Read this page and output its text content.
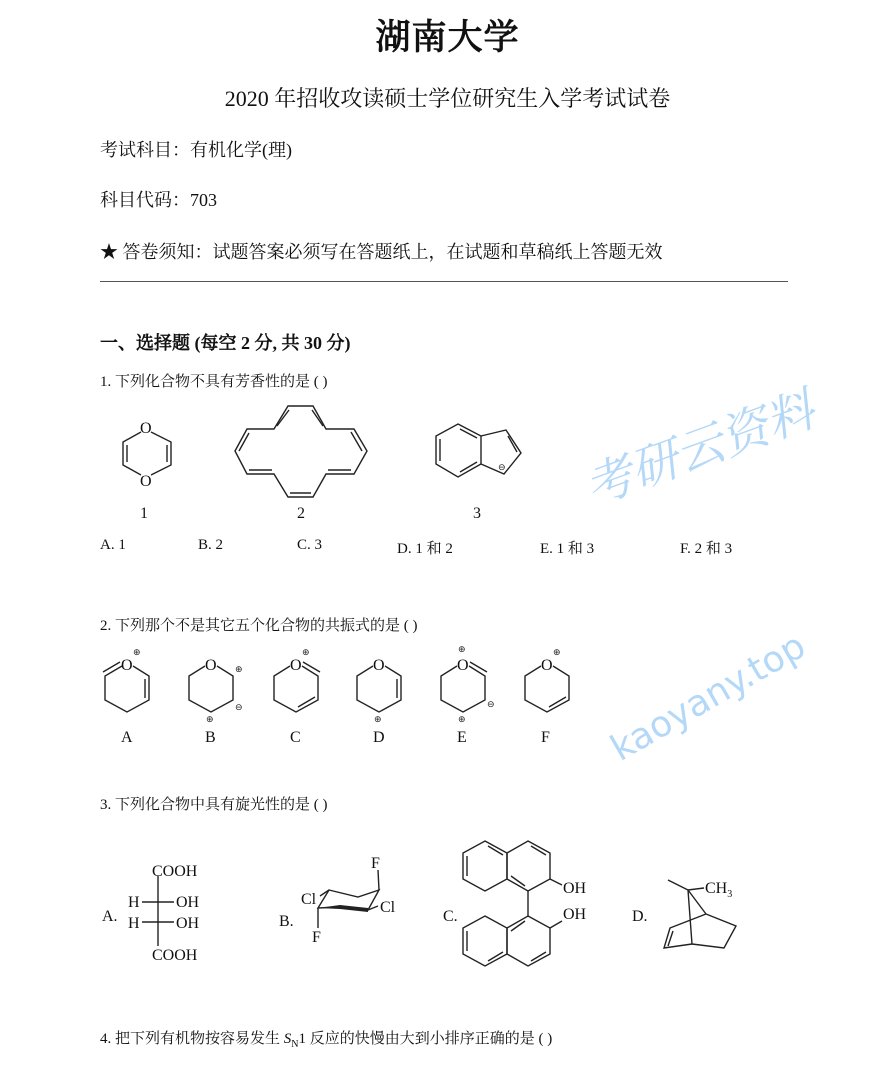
考研云资料
kaoyany.top
湖南大学
2020 年招收攻读硕士学位研究生入学考试试卷
考试科目：有机化学(理)
科目代码：703
★ 答卷须知：试题答案必须写在答题纸上，在试题和草稿纸上答题无效
一、选择题 (每空 2 分, 共 30 分)
1. 下列化合物不具有芳香性的是 ( )
1	2	3
A. 1	B. 2	C. 3	D. 1 和 2	E. 1 和 3	F. 2 和 3
2. 下列那个不是其它五个化合物的共振式的是 ( )
A	B	C	D	E	F
3. 下列化合物中具有旋光性的是 ( )
A.	B.	C.	D.
4. 把下列有机物按容易发生 $S_N1$ 反应的快慢由大到小排序正确的是 ( )
O
O
⊖
O
⊕
O ⊕
⊖
⊕
O
⊕
O
⊕
O
⊕
⊖
⊕
O
⊕
COOH
H OH
H OH
COOH
F
Cl	Cl
F
OH
OH
$CH_3$
